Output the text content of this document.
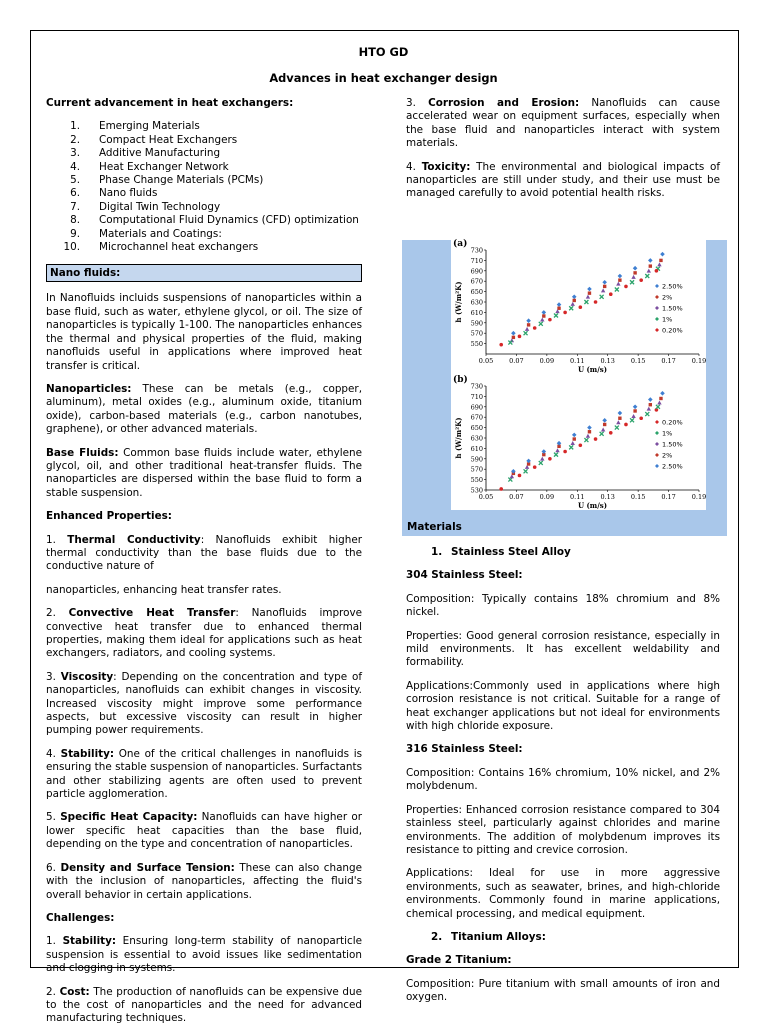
HTO GD
Advances in heat exchanger design

Current advancement in heat exchangers:

1.	Emerging Materials
2.	Compact Heat Exchangers
3.	Additive Manufacturing
4.	Heat Exchanger Network
5.	Phase Change Materials (PCMs)
6.	Nano fluids
7.	Digital Twin Technology
8.	Computational Fluid Dynamics (CFD) optimization
9.	Materials and Coatings:
10.	Microchannel heat exchangers
Nano fluids:

In Nanofluids incluids suspensions of nanoparticles within a base fluid, such as water, ethylene glycol, or oil. The size of nanoparticles is typically 1-100. The nanoparticles enhances the thermal and physical properties of the fluid, making nanofluids useful in applications where improved heat transfer is critical.

Nanoparticles: These can be metals (e.g., copper, aluminum), metal oxides (e.g., aluminum oxide, titanium oxide), carbon-based materials (e.g., carbon nanotubes, graphene), or other advanced materials.

Base Fluids: Common base fluids include water, ethylene glycol, oil, and other traditional heat-transfer fluids. The nanoparticles are dispersed within the base fluid to form a stable suspension.

Enhanced Properties:

1. Thermal Conductivity: Nanofluids exhibit higher thermal conductivity than the base fluids due to the conductive nature of

nanoparticles, enhancing heat transfer rates.

2. Convective Heat Transfer: Nanofluids improve convective heat transfer due to enhanced thermal properties, making them ideal for applications such as heat exchangers, radiators, and cooling systems.

3. Viscosity: Depending on the concentration and type of nanoparticles, nanofluids can exhibit changes in viscosity. Increased viscosity might improve some performance aspects, but excessive viscosity can result in higher pumping power requirements.

4. Stability: One of the critical challenges in nanofluids is ensuring the stable suspension of nanoparticles. Surfactants and other stabilizing agents are often used to prevent particle agglomeration.

5. Specific Heat Capacity: Nanofluids can have higher or lower specific heat capacities than the base fluid, depending on the type and concentration of nanoparticles.

6. Density and Surface Tension: These can also change with the inclusion of nanoparticles, affecting the fluid's overall behavior in certain applications.

Challenges:

1. Stability: Ensuring long-term stability of nanoparticle suspension is essential to avoid issues like sedimentation and clogging in systems.

2. Cost: The production of nanofluids can be expensive due to the cost of nanoparticles and the need for advanced manufacturing techniques.

3. Corrosion and Erosion: Nanofluids can cause accelerated wear on equipment surfaces, especially when the base fluid and nanoparticles interact with system materials.

4. Toxicity: The environmental and biological impacts of nanoparticles are still under study, and their use must be managed carefully to avoid potential health risks.

(a)
550
570
590
610
630
650
670
690
710
730
0.05 0.07 0.09 0.11 0.13 0.15 0.17 0.19
U (m/s)
h (W/m²K)	2.50%
2%
1.50%
1%
0.20%
(b)
530
550
570
590
610
630
650
670
690
710
730
0.05 0.07 0.09 0.11 0.13 0.15 0.17 0.19
U (m/s)
h (W/m²K)	0.20%
1%
1.50%
2%
2.50%
Materials

1. Stainless Steel Alloy

304 Stainless Steel:

Composition: Typically contains 18% chromium and 8% nickel.

Properties: Good general corrosion resistance, especially in mild environments. It has excellent weldability and formability.

Applications:Commonly used in applications where high corrosion resistance is not critical. Suitable for a range of heat exchanger applications but not ideal for environments with high chloride exposure.

316 Stainless Steel:

Composition: Contains 16% chromium, 10% nickel, and 2% molybdenum.

Properties: Enhanced corrosion resistance compared to 304 stainless steel, particularly against chlorides and marine environments. The addition of molybdenum improves its resistance to pitting and crevice corrosion.

Applications: Ideal for use in more aggressive environments, such as seawater, brines, and high-chloride environments. Commonly found in marine applications, chemical processing, and medical equipment.

2. Titanium Alloys:

Grade 2 Titanium:

Composition: Pure titanium with small amounts of iron and oxygen.
